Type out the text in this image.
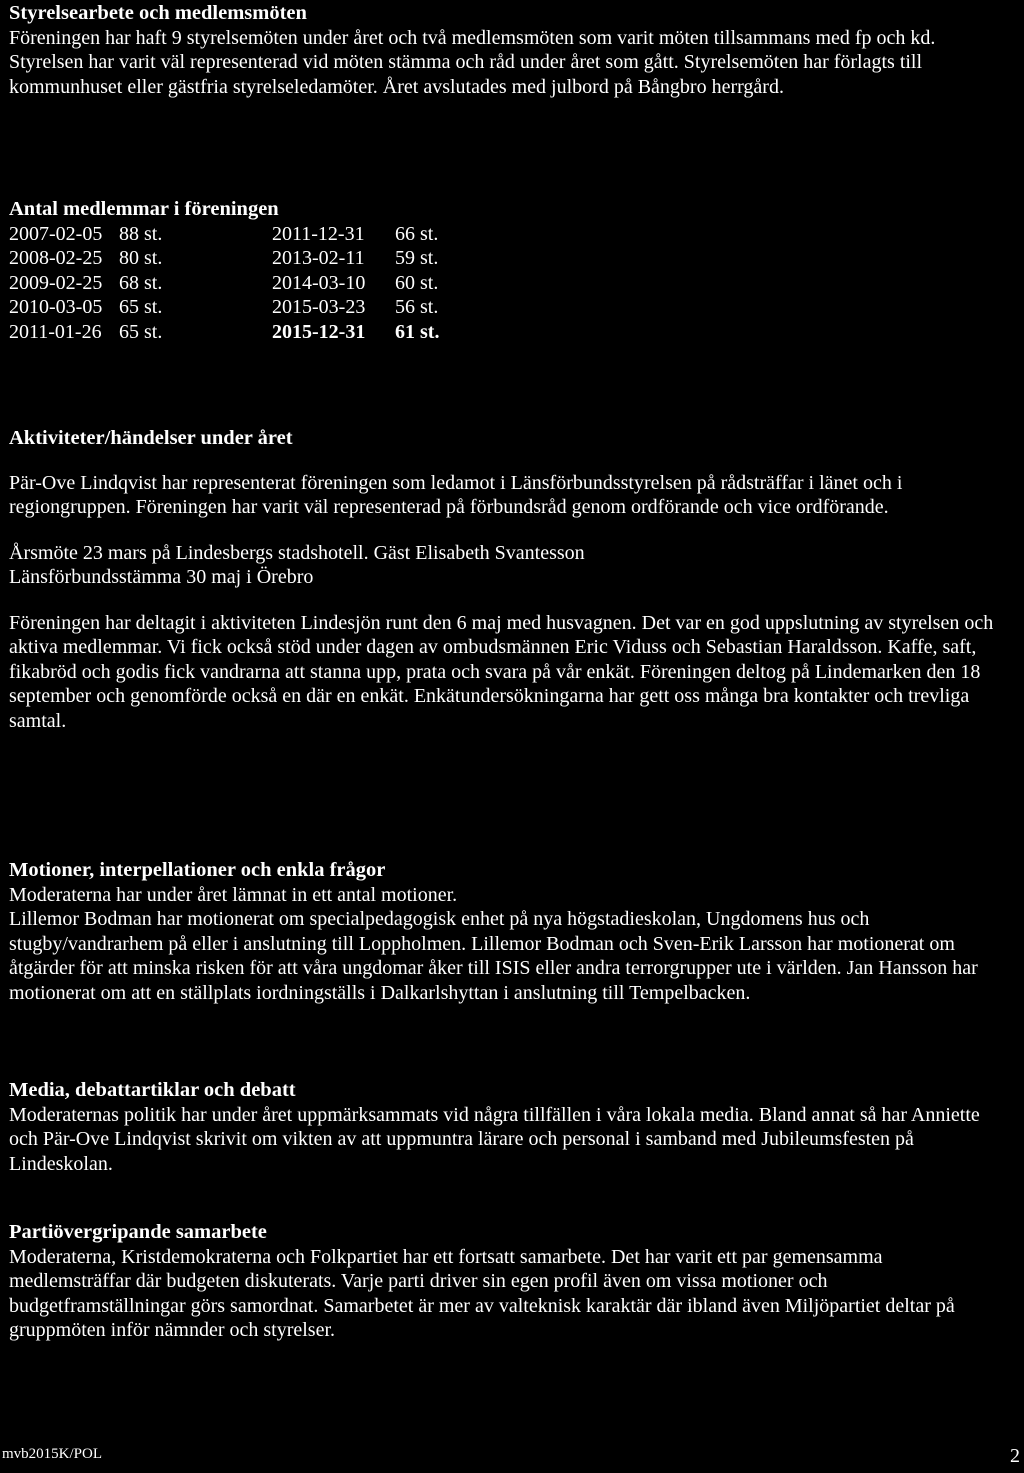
Styrelsearbete och medlemsmöten

Föreningen har haft 9 styrelsemöten under året och två medlemsmöten som varit möten tillsammans med fp och kd. Styrelsen har varit väl representerad vid möten stämma och råd under året som gått. Styrelsemöten har förlagts till kommunhuset eller gästfria styrelseledamöter. Året avslutades med julbord på Bångbro herrgård.

Antal medlemmar i föreningen
2007-02-05	88 st.	2011-12-31	66 st.
2008-02-25	80 st.	2013-02-11	59 st.
2009-02-25	68 st.	2014-03-10	60 st.
2010-03-05	65 st.	2015-03-23	56 st.
2011-01-26	65 st.	2015-12-31	61 st.
Aktiviteter/händelser under året

Pär-Ove Lindqvist har representerat föreningen som ledamot i Länsförbundsstyrelsen på rådsträffar i länet och i regiongruppen. Föreningen har varit väl representerad på förbundsråd genom ordförande och vice ordförande.

Årsmöte 23 mars på Lindesbergs stadshotell. Gäst Elisabeth Svantesson

Länsförbundsstämma 30 maj i Örebro

Föreningen har deltagit i aktiviteten Lindesjön runt den 6 maj med husvagnen. Det var en god uppslutning av styrelsen och aktiva medlemmar. Vi fick också stöd under dagen av ombudsmännen Eric Viduss och Sebastian Haraldsson. Kaffe, saft, fikabröd och godis fick vandrarna att stanna upp, prata och svara på vår enkät. Föreningen deltog på Lindemarken den 18 september och genomförde också en där en enkät. Enkätundersökningarna har gett oss många bra kontakter och trevliga samtal.

Motioner, interpellationer och enkla frågor

Moderaterna har under året lämnat in ett antal motioner.

Lillemor Bodman har motionerat om specialpedagogisk enhet på nya högstadieskolan, Ungdomens hus och stugby/vandrarhem på eller i anslutning till Loppholmen. Lillemor Bodman och Sven-Erik Larsson har motionerat om åtgärder för att minska risken för att våra ungdomar åker till ISIS eller andra terrorgrupper ute i världen. Jan Hansson har motionerat om att en ställplats iordningställs i Dalkarlshyttan i anslutning till Tempelbacken.

Media, debattartiklar och debatt

Moderaternas politik har under året uppmärksammats vid några tillfällen i våra lokala media. Bland annat så har Anniette och Pär-Ove Lindqvist skrivit om vikten av att uppmuntra lärare och personal i samband med Jubileumsfesten på Lindeskolan.

Partiövergripande samarbete

Moderaterna, Kristdemokraterna och Folkpartiet har ett fortsatt samarbete. Det har varit ett par gemensamma medlemsträffar där budgeten diskuterats. Varje parti driver sin egen profil även om vissa motioner och budgetframställningar görs samordnat. Samarbetet är mer av valteknisk karaktär där ibland även Miljöpartiet deltar på gruppmöten inför nämnder och styrelser.

mvb2015K/POL	2
